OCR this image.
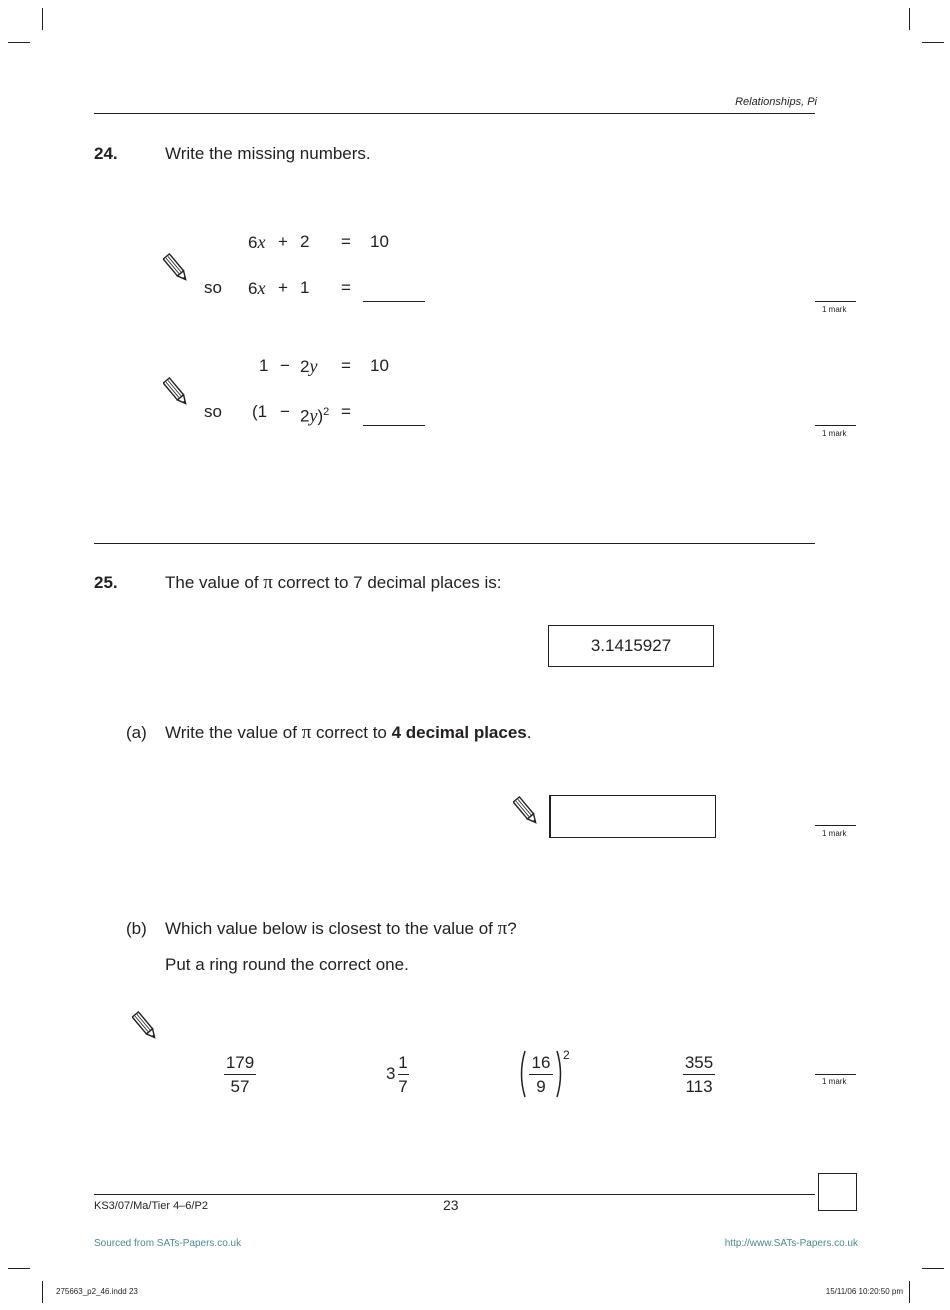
Relationships, Pi
24.	Write the missing numbers.
6x + 2 = 10
so 6x + 1 =
1 mark
1 − 2y = 10
so $(1 - 2y)^2$ =
1 mark
25.	The value of π correct to 7 decimal places is:
3.1415927
(a) Write the value of π correct to 4 decimal places.
1 mark
(b) Which value below is closest to the value of π?
Put a ring round the correct one.
179
57
3
1
7
16
9
2	355
113	1 mark
KS3/07/Ma/Tier 4–6/P2	23
Sourced from SATs-Papers.co.uk	http://www.SATs-Papers.co.uk
275663_p2_46.indd 23	15/11/06 10:20:50 pm
